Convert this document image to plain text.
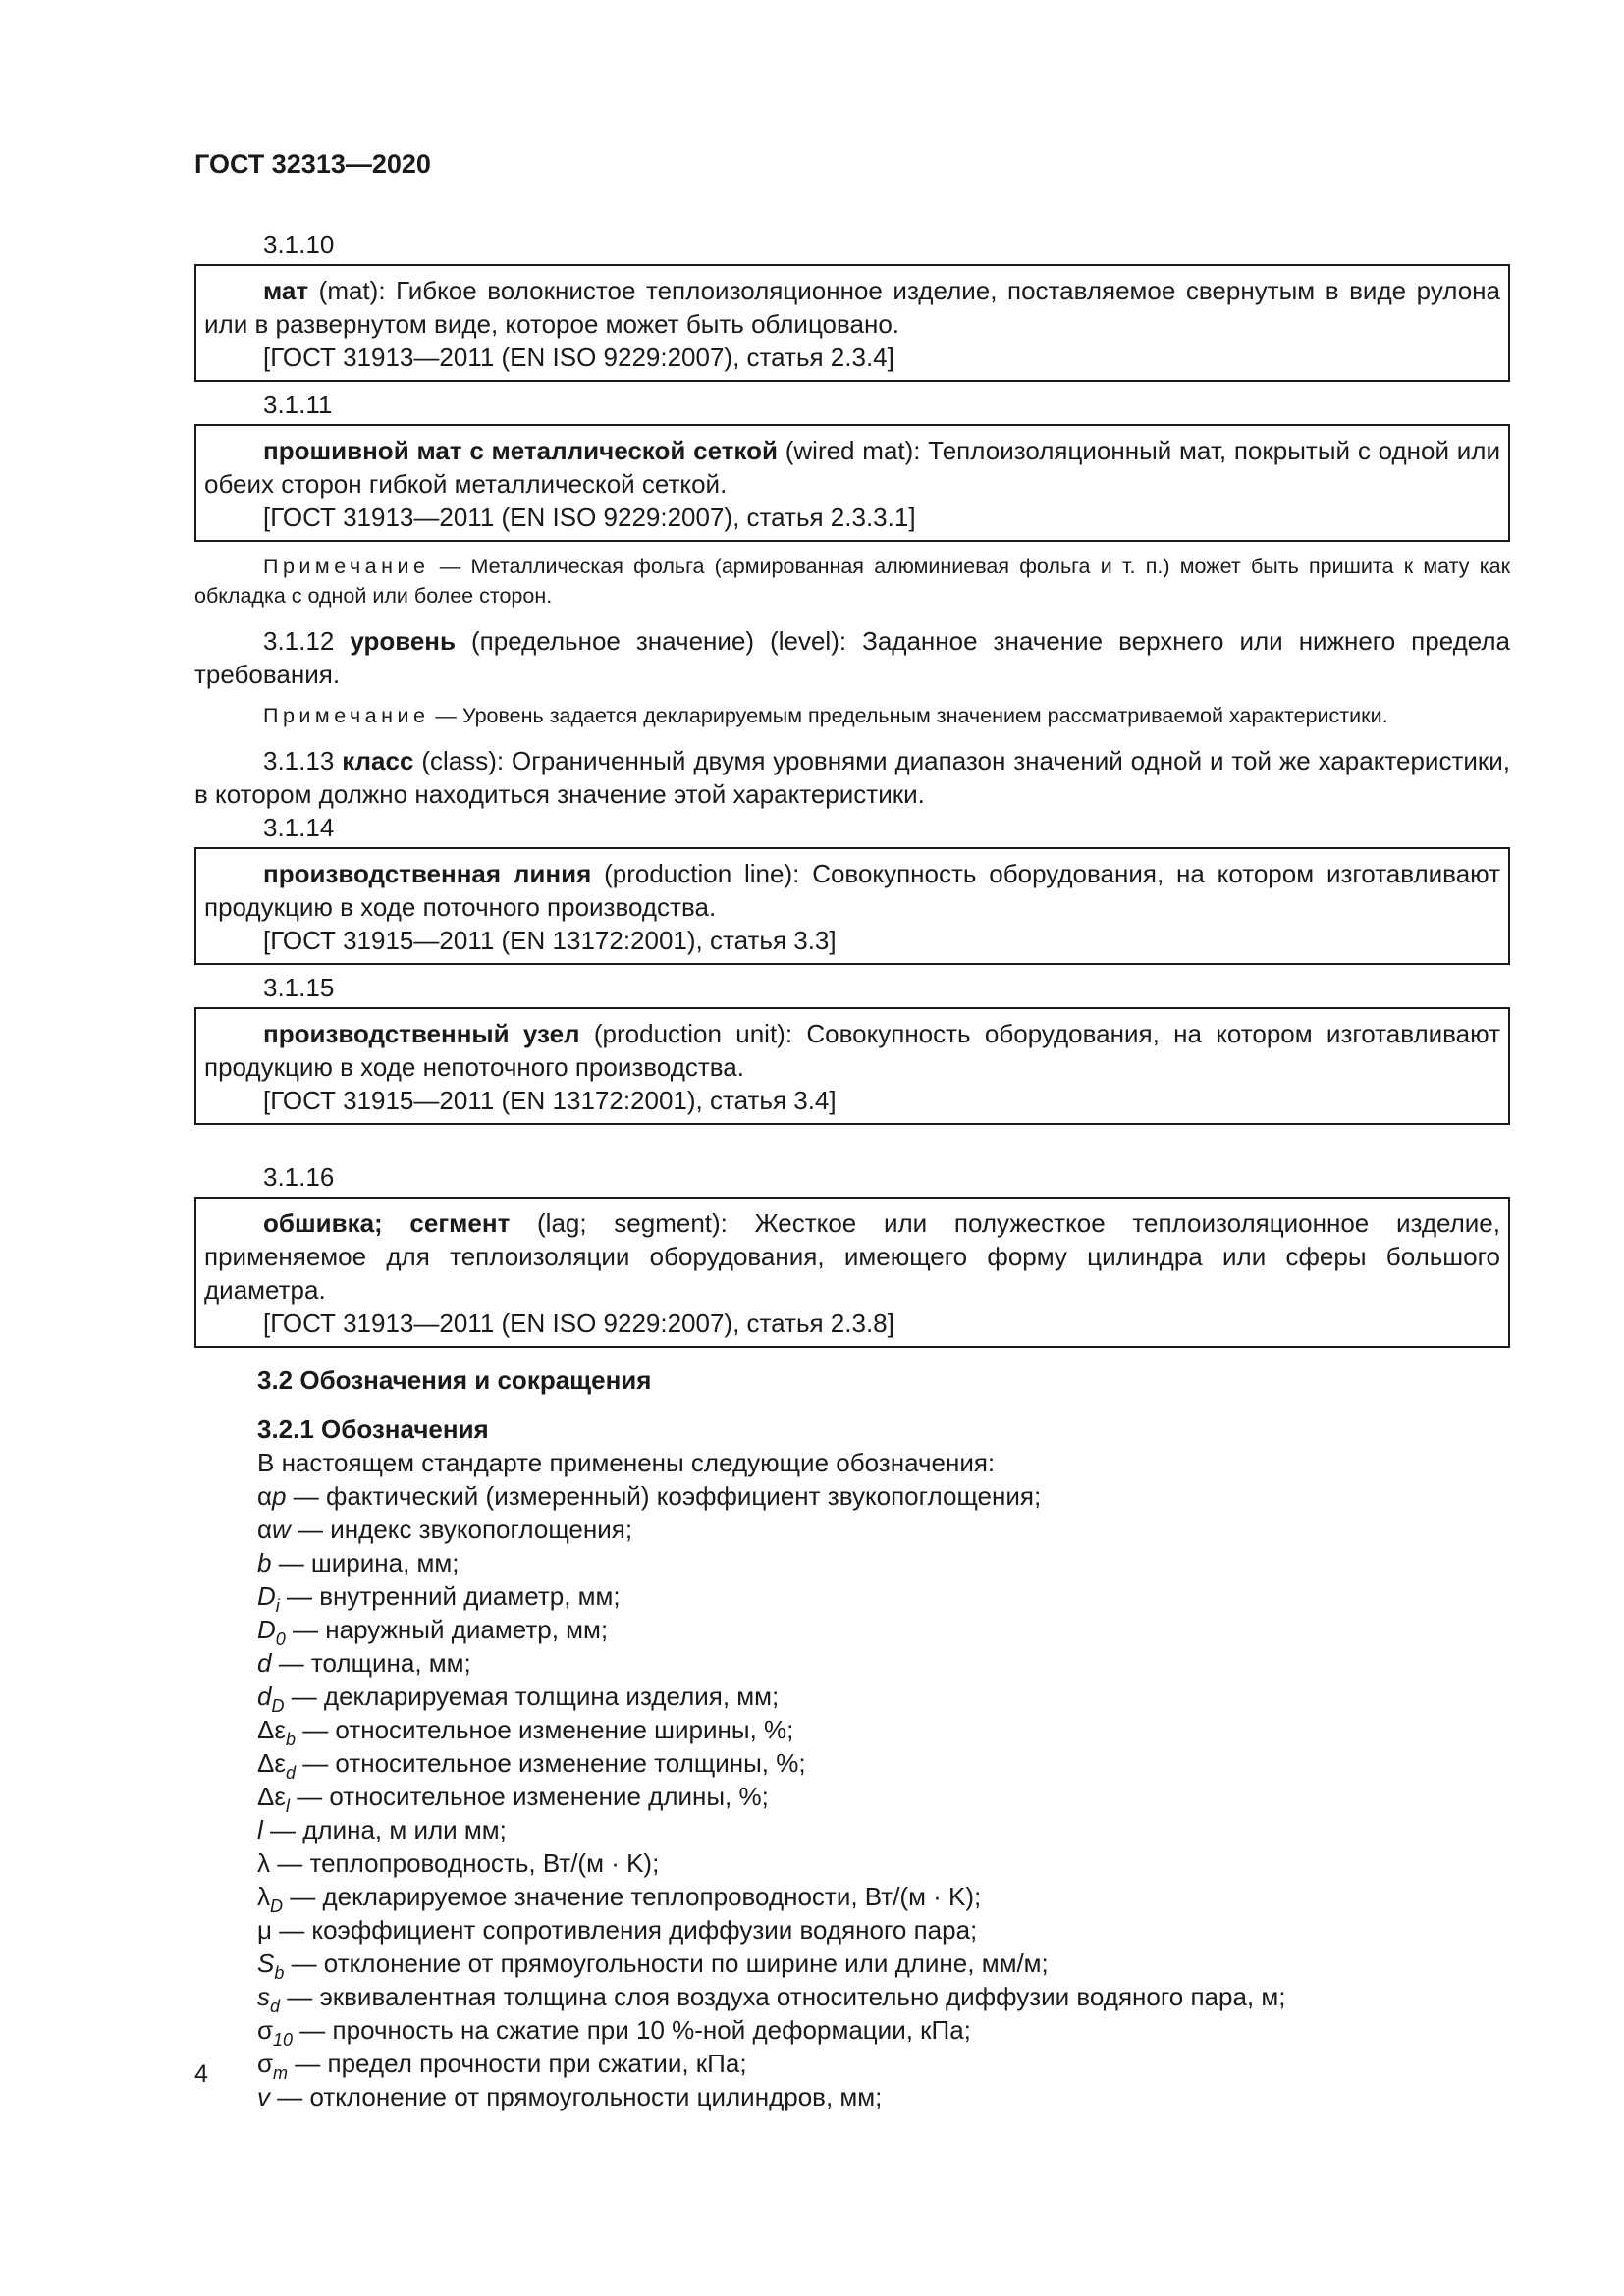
ГОСТ 32313—2020
3.1.10

мат (mat): Гибкое волокнистое теплоизоляционное изделие, поставляемое свернутым в виде рулона или в развернутом виде, которое может быть облицовано.

[ГОСТ 31913—2011 (EN ISO 9229:2007), статья 2.3.4]

3.1.11

прошивной мат с металлической сеткой (wired mat): Теплоизоляционный мат, покрытый с одной или обеих сторон гибкой металлической сеткой.

[ГОСТ 31913—2011 (EN ISO 9229:2007), статья 2.3.3.1]

Примечание — Металлическая фольга (армированная алюминиевая фольга и т. п.) может быть пришита к мату как обкладка с одной или более сторон.

3.1.12 уровень (предельное значение) (level): Заданное значение верхнего или нижнего предела требования.

Примечание — Уровень задается декларируемым предельным значением рассматриваемой характеристики.

3.1.13 класс (class): Ограниченный двумя уровнями диапазон значений одной и той же характеристики, в котором должно находиться значение этой характеристики.

3.1.14

производственная линия (production line): Совокупность оборудования, на котором изготавливают продукцию в ходе поточного производства.

[ГОСТ 31915—2011 (EN 13172:2001), статья 3.3]

3.1.15

производственный узел (production unit): Совокупность оборудования, на котором изготавливают продукцию в ходе непоточного производства.

[ГОСТ 31915—2011 (EN 13172:2001), статья 3.4]

3.1.16

обшивка; сегмент (lag; segment): Жесткое или полужесткое теплоизоляционное изделие, применяемое для теплоизоляции оборудования, имеющего форму цилиндра или сферы большого диаметра.

[ГОСТ 31913—2011 (EN ISO 9229:2007), статья 2.3.8]

3.2 Обозначения и сокращения
3.2.1 Обозначения
В настоящем стандарте применены следующие обозначения:
αp — фактический (измеренный) коэффициент звукопоглощения;
αw — индекс звукопоглощения;
b — ширина, мм;
$D_i$ — внутренний диаметр, мм;
$D_0$ — наружный диаметр, мм;
d — толщина, мм;
$d_D$ — декларируемая толщина изделия, мм;
$\Delta\varepsilon_b$ — относительное изменение ширины, %;
$\Delta\varepsilon_d$ — относительное изменение толщины, %;
$\Delta\varepsilon_l$ — относительное изменение длины, %;
l — длина, м или мм;
λ — теплопроводность, Вт/(м · K);
$\lambda_D$ — декларируемое значение теплопроводности, Вт/(м · K);
μ — коэффициент сопротивления диффузии водяного пара;
$S_b$ — отклонение от прямоугольности по ширине или длине, мм/м;
$s_d$ — эквивалентная толщина слоя воздуха относительно диффузии водяного пара, м;
$\sigma_{10}$ — прочность на сжатие при 10 %-ной деформации, кПа;
$\sigma_m$ — предел прочности при сжатии, кПа;
v — отклонение от прямоугольности цилиндров, мм;
4
